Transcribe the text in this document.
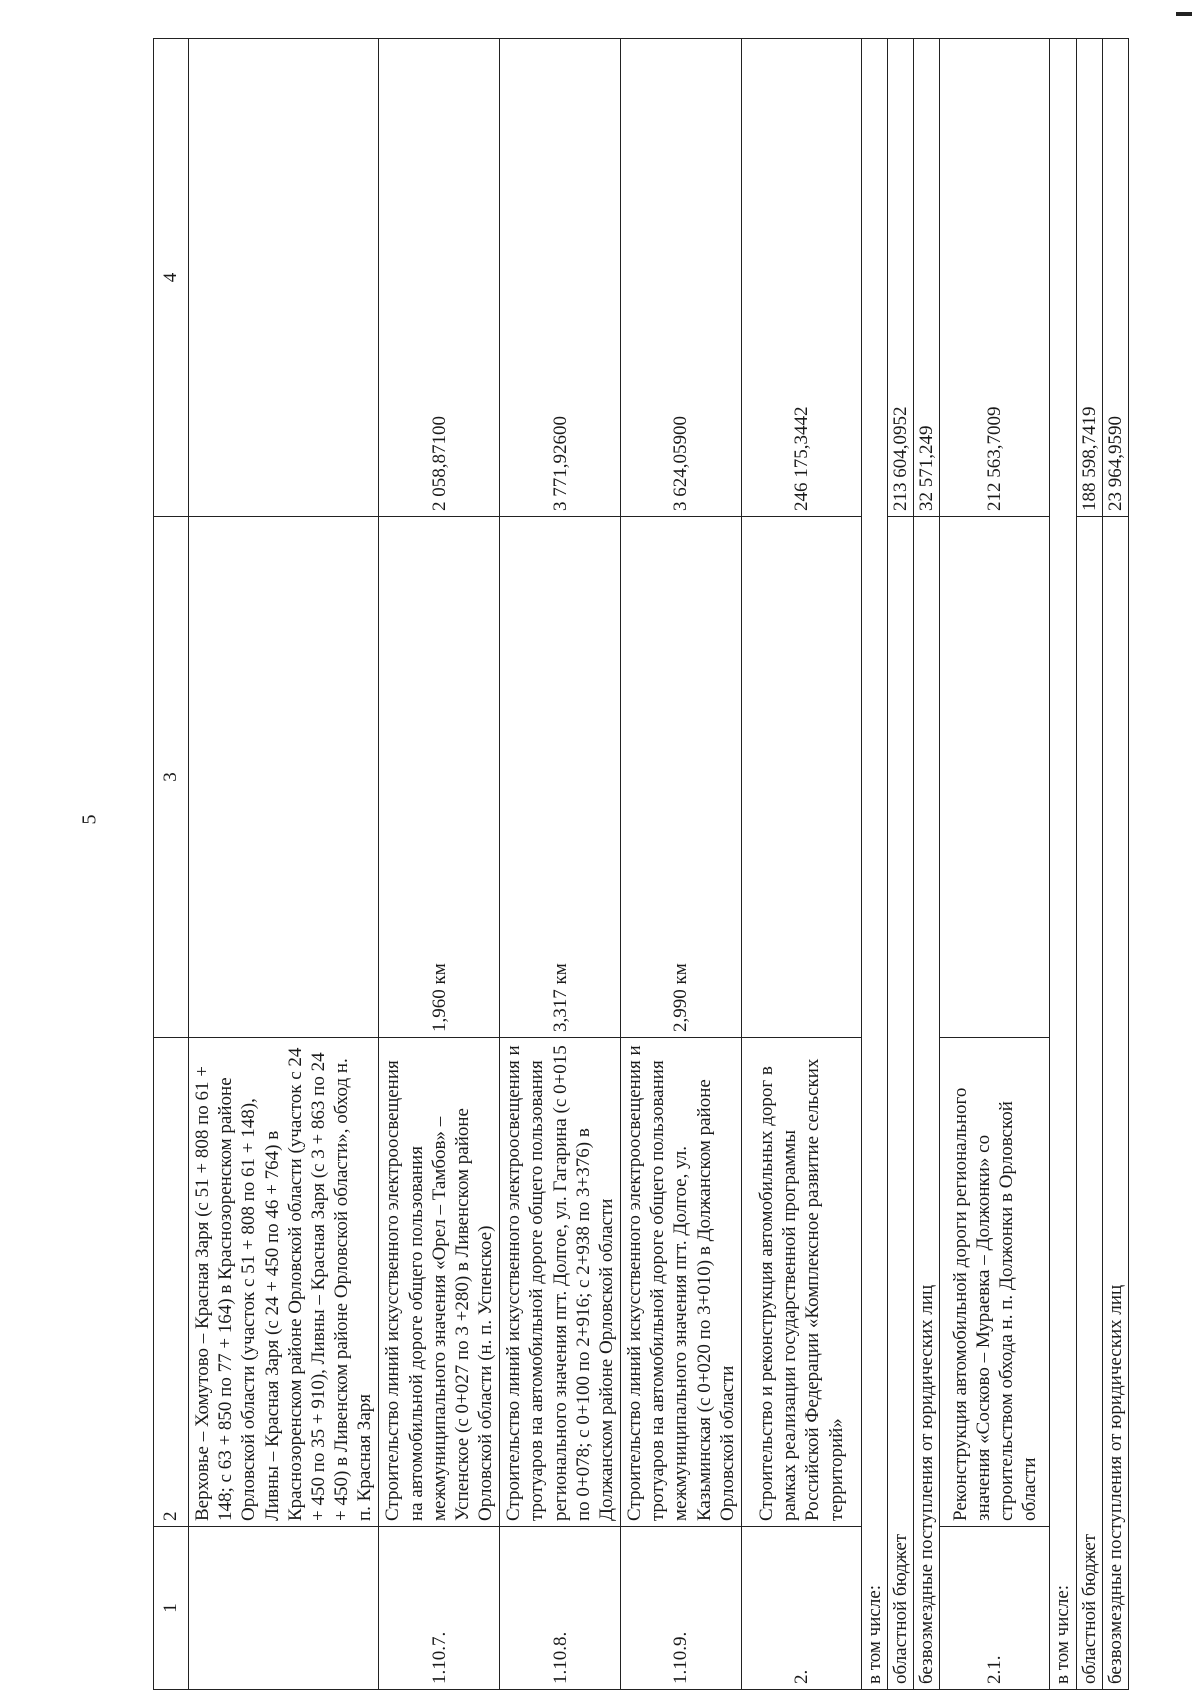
5
1	2	3	4
	Верховье – Хомутово – Красная Заря (с 51 + 808 по 61 + 148; с 63 + 850 по 77 + 164) в Краснозоренском районе Орловской области (участок с 51 + 808 по 61 + 148), Ливны – Красная Заря (с 24 + 450 по 46 + 764) в Краснозоренском районе Орловской области (участок с 24 + 450 по 35 + 910), Ливны – Красная Заря (с 3 + 863 по 24 + 450) в Ливенском районе Орловской области», обход н. п. Красная Заря		
1.10.7.	Строительство линий искусственного электроосвещения на автомобильной дороге общего пользования межмуниципального значения «Орел – Тамбов» – Успенское (с 0+027 по 3 +280) в Ливенском районе Орловской области (н. п. Успенское)	1,960 км	2 058,87100
1.10.8.	Строительство линий искусственного электроосвещения и тротуаров на автомобильной дороге общего пользования регионального значения пгт. Долгое, ул. Гагарина (с 0+015 по 0+078; с 0+100 по 2+916; с 2+938 по 3+376) в Должанском районе Орловской области	3,317 км	3 771,92600
1.10.9.	Строительство линий искусственного электроосвещения и тротуаров на автомобильной дороге общего пользования межмуниципального значения пгт. Долгое, ул. Казьминская (с 0+020 по 3+010) в Должанском районе Орловской области	2,990 км	3 624,05900
2.	Строительство и реконструкция автомобильных дорог в рамках реализации государственной программы Российской Федерации «Комплексное развитие сельских территорий»		246 175,3442
в том числе:			
областной бюджет			213 604,0952
безвозмездные поступления от юридических лиц			32 571,249
2.1.	Реконструкция автомобильной дороги регионального значения «Сосково – Мураевка – Должонки» со строительством обхода н. п. Должонки в Орловской области		212 563,7009
в том числе:			
областной бюджет			188 598,7419
безвозмездные поступления от юридических лиц			23 964,9590
